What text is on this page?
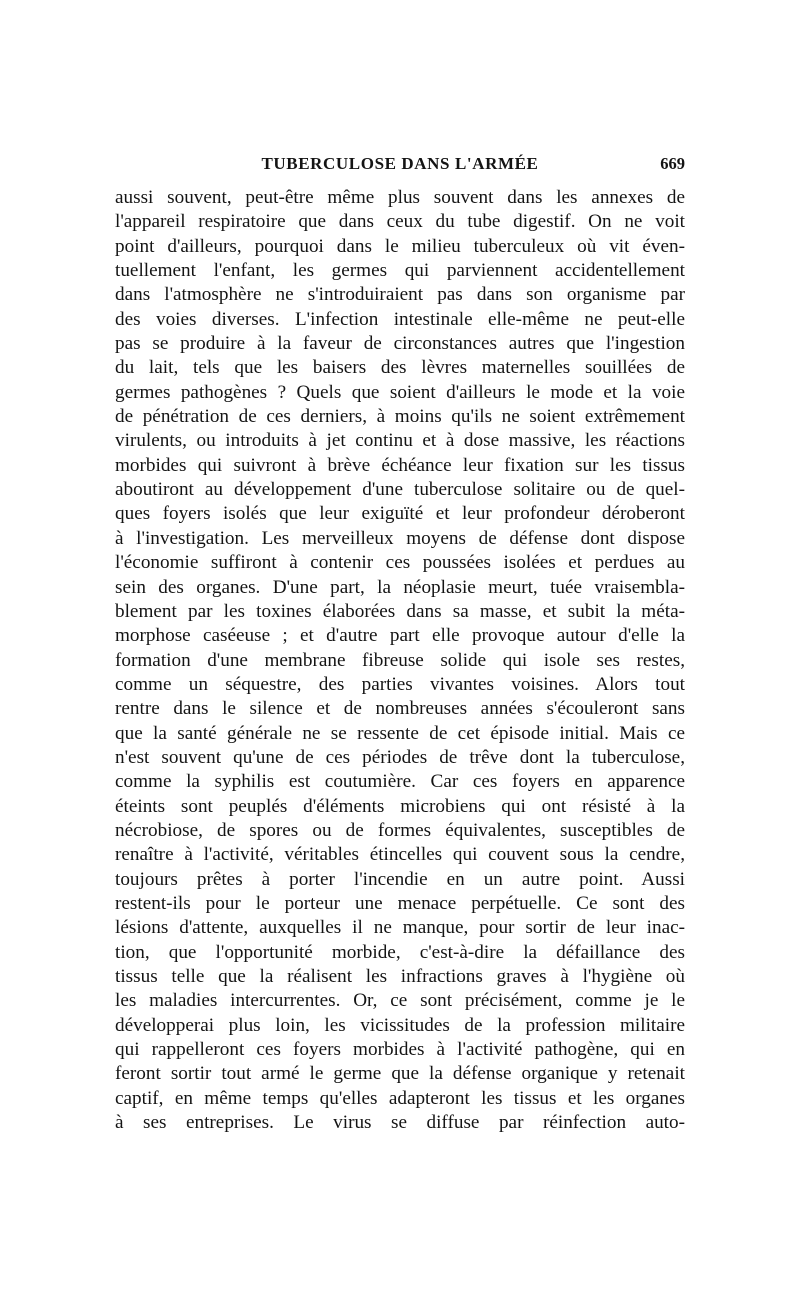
TUBERCULOSE DANS L'ARMÉE	669
aussi souvent, peut-être même plus souvent dans les annexes de
l'appareil respiratoire que dans ceux du tube digestif. On ne voit
point d'ailleurs, pourquoi dans le milieu tuberculeux où vit éven-
tuellement l'enfant, les germes qui parviennent accidentellement
dans l'atmosphère ne s'introduiraient pas dans son organisme par
des voies diverses. L'infection intestinale elle-même ne peut-elle
pas se produire à la faveur de circonstances autres que l'ingestion
du lait, tels que les baisers des lèvres maternelles souillées de
germes pathogènes ? Quels que soient d'ailleurs le mode et la voie
de pénétration de ces derniers, à moins qu'ils ne soient extrêmement
virulents, ou introduits à jet continu et à dose massive, les réactions
morbides qui suivront à brève échéance leur fixation sur les tissus
aboutiront au développement d'une tuberculose solitaire ou de quel-
ques foyers isolés que leur exiguïté et leur profondeur déroberont
à l'investigation. Les merveilleux moyens de défense dont dispose
l'économie suffiront à contenir ces poussées isolées et perdues au
sein des organes. D'une part, la néoplasie meurt, tuée vraisembla-
blement par les toxines élaborées dans sa masse, et subit la méta-
morphose caséeuse ; et d'autre part elle provoque autour d'elle la
formation d'une membrane fibreuse solide qui isole ses restes,
comme un séquestre, des parties vivantes voisines. Alors tout
rentre dans le silence et de nombreuses années s'écouleront sans
que la santé générale ne se ressente de cet épisode initial. Mais ce
n'est souvent qu'une de ces périodes de trêve dont la tuberculose,
comme la syphilis est coutumière. Car ces foyers en apparence
éteints sont peuplés d'éléments microbiens qui ont résisté à la
nécrobiose, de spores ou de formes équivalentes, susceptibles de
renaître à l'activité, véritables étincelles qui couvent sous la cendre,
toujours prêtes à porter l'incendie en un autre point. Aussi
restent-ils pour le porteur une menace perpétuelle. Ce sont des
lésions d'attente, auxquelles il ne manque, pour sortir de leur inac-
tion, que l'opportunité morbide, c'est-à-dire la défaillance des
tissus telle que la réalisent les infractions graves à l'hygiène où
les maladies intercurrentes. Or, ce sont précisément, comme je le
développerai plus loin, les vicissitudes de la profession militaire
qui rappelleront ces foyers morbides à l'activité pathogène, qui en
feront sortir tout armé le germe que la défense organique y retenait
captif, en même temps qu'elles adapteront les tissus et les organes
à ses entreprises. Le virus se diffuse par réinfection auto-
